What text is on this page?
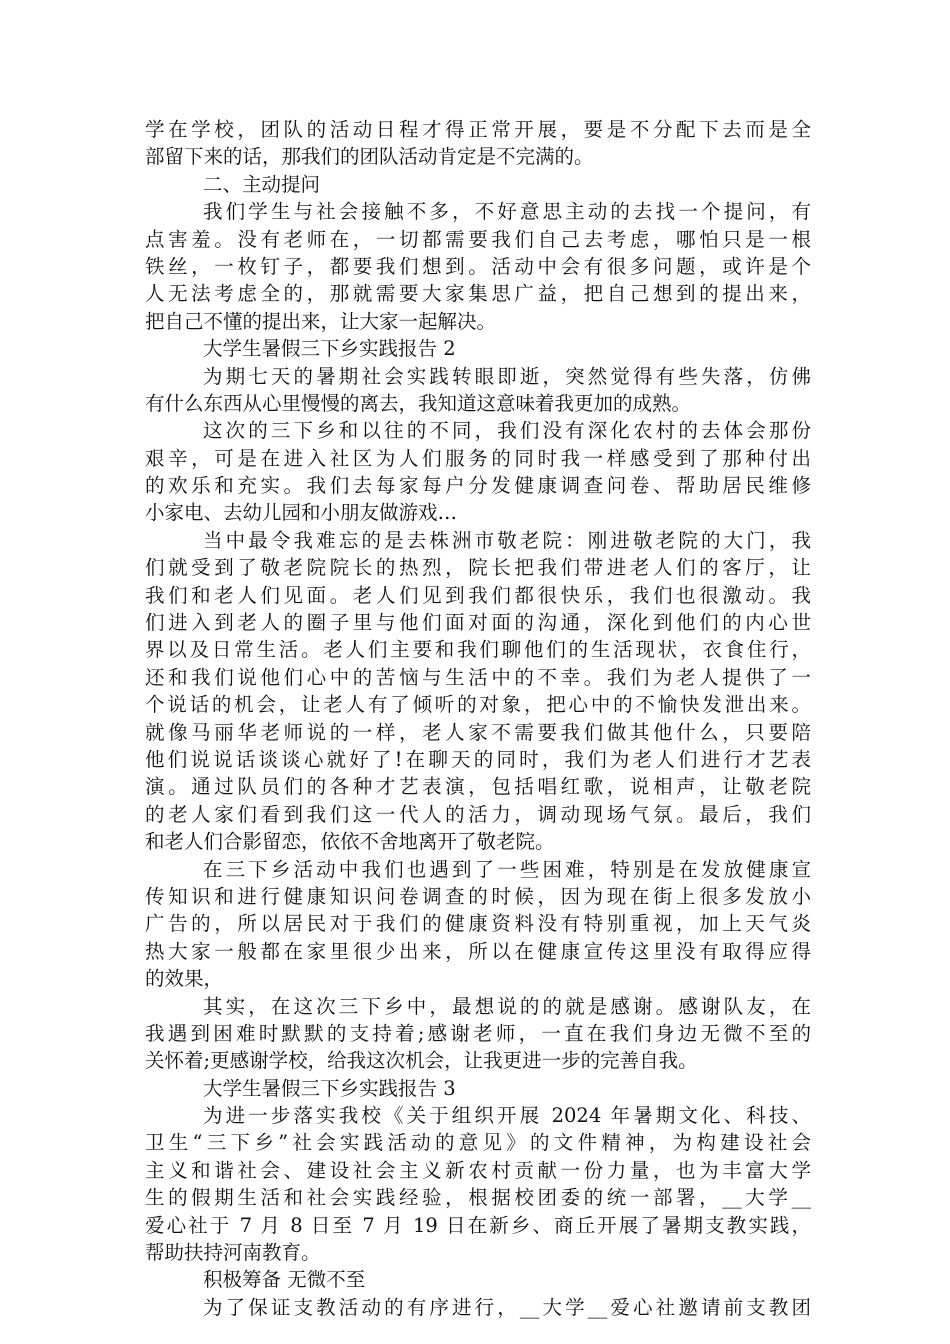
学在学校，团队的活动日程才得正常开展，要是不分配下去而是全
部留下来的话，那我们的团队活动肯定是不完满的。
二、主动提问
我们学生与社会接触不多，不好意思主动的去找一个提问，有
点害羞。没有老师在，一切都需要我们自己去考虑，哪怕只是一根
铁丝，一枚钉子，都要我们想到。活动中会有很多问题，或许是个
人无法考虑全的，那就需要大家集思广益，把自己想到的提出来，
把自己不懂的提出来，让大家一起解决。
大学生暑假三下乡实践报告 2
为期七天的暑期社会实践转眼即逝，突然觉得有些失落，仿佛
有什么东西从心里慢慢的离去，我知道这意味着我更加的成熟。
这次的三下乡和以往的不同，我们没有深化农村的去体会那份
艰辛，可是在进入社区为人们服务的同时我一样感受到了那种付出
的欢乐和充实。我们去每家每户分发健康调查问卷、帮助居民维修
小家电、去幼儿园和小朋友做游戏…
当中最令我难忘的是去株洲市敬老院：刚进敬老院的大门，我
们就受到了敬老院院长的热烈，院长把我们带进老人们的客厅，让
我们和老人们见面。老人们见到我们都很快乐，我们也很激动。我
们进入到老人的圈子里与他们面对面的沟通，深化到他们的内心世
界以及日常生活。老人们主要和我们聊他们的生活现状，衣食住行，
还和我们说他们心中的苦恼与生活中的不幸。我们为老人提供了一
个说话的机会，让老人有了倾听的对象，把心中的不愉快发泄出来。
就像马丽华老师说的一样，老人家不需要我们做其他什么，只要陪
他们说说话谈谈心就好了!在聊天的同时，我们为老人们进行才艺表
演。通过队员们的各种才艺表演，包括唱红歌，说相声，让敬老院
的老人家们看到我们这一代人的活力，调动现场气氛。最后，我们
和老人们合影留恋，依依不舍地离开了敬老院。
在三下乡活动中我们也遇到了一些困难，特别是在发放健康宣
传知识和进行健康知识问卷调查的时候，因为现在街上很多发放小
广告的，所以居民对于我们的健康资料没有特别重视，加上天气炎
热大家一般都在家里很少出来，所以在健康宣传这里没有取得应得
的效果，
其实，在这次三下乡中，最想说的的就是感谢。感谢队友，在
我遇到困难时默默的支持着;感谢老师，一直在我们身边无微不至的
关怀着;更感谢学校，给我这次机会，让我更进一步的完善自我。
大学生暑假三下乡实践报告 3
为进一步落实我校《关于组织开展 2024 年暑期文化、科技、
卫生“三下乡”社会实践活动的意见》的文件精神，为构建设社会
主义和谐社会、建设社会主义新农村贡献一份力量，也为丰富大学
生的假期生活和社会实践经验，根据校团委的统一部署，__大学__
爱心社于 7 月 8 日至 7 月 19 日在新乡、商丘开展了暑期支教实践，
帮助扶持河南教育。
积极筹备 无微不至
为了保证支教活动的有序进行，__大学__爱心社邀请前支教团
